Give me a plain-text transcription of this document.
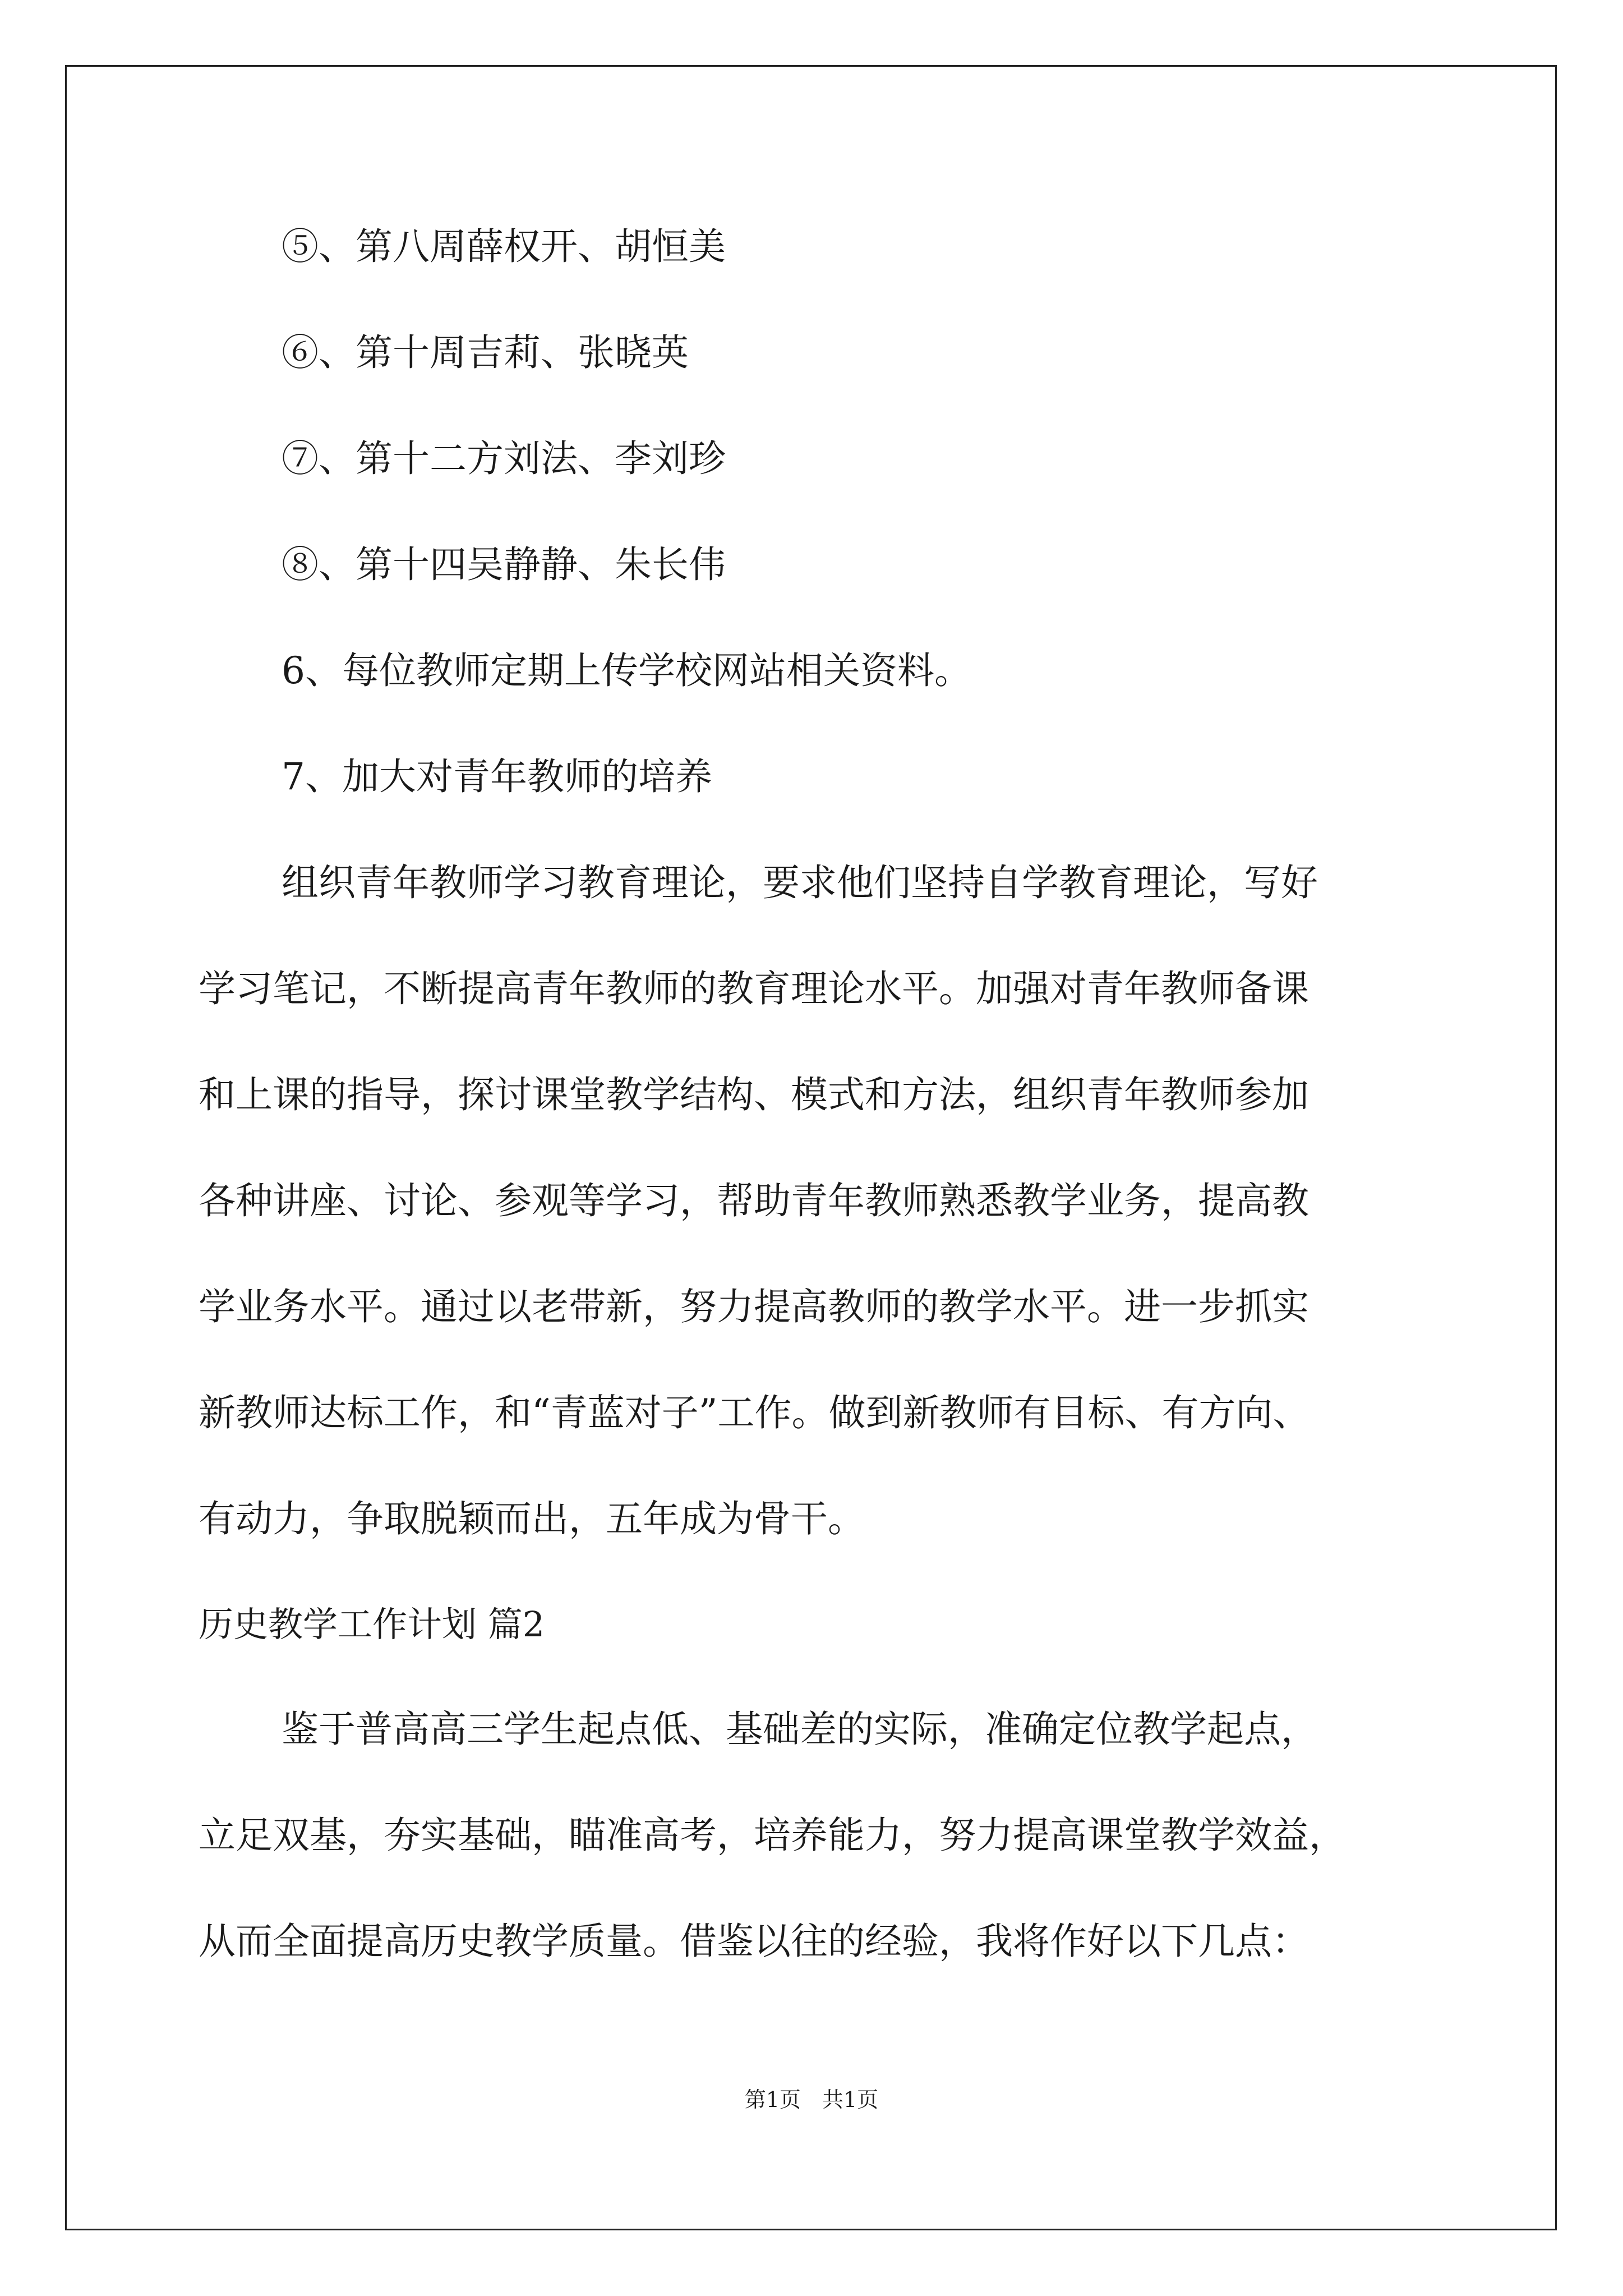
⑤、第八周薛权开、胡恒美
⑥、第十周吉莉、张晓英
⑦、第十二方刘法、李刘珍
⑧、第十四吴静静、朱长伟
6、每位教师定期上传学校网站相关资料。
7、加大对青年教师的培养
组织青年教师学习教育理论，要求他们坚持自学教育理论，写好
学习笔记，不断提高青年教师的教育理论水平。加强对青年教师备课
和上课的指导，探讨课堂教学结构、模式和方法，组织青年教师参加
各种讲座、讨论、参观等学习，帮助青年教师熟悉教学业务，提高教
学业务水平。通过以老带新，努力提高教师的教学水平。进一步抓实
新教师达标工作，和“青蓝对子”工作。做到新教师有目标、有方向、
有动力，争取脱颖而出，五年成为骨干。
历史教学工作计划 篇2
鉴于普高高三学生起点低、基础差的实际，准确定位教学起点，
立足双基，夯实基础，瞄准高考，培养能力，努力提高课堂教学效益，
从而全面提高历史教学质量。借鉴以往的经验，我将作好以下几点：
第1页　共1页
